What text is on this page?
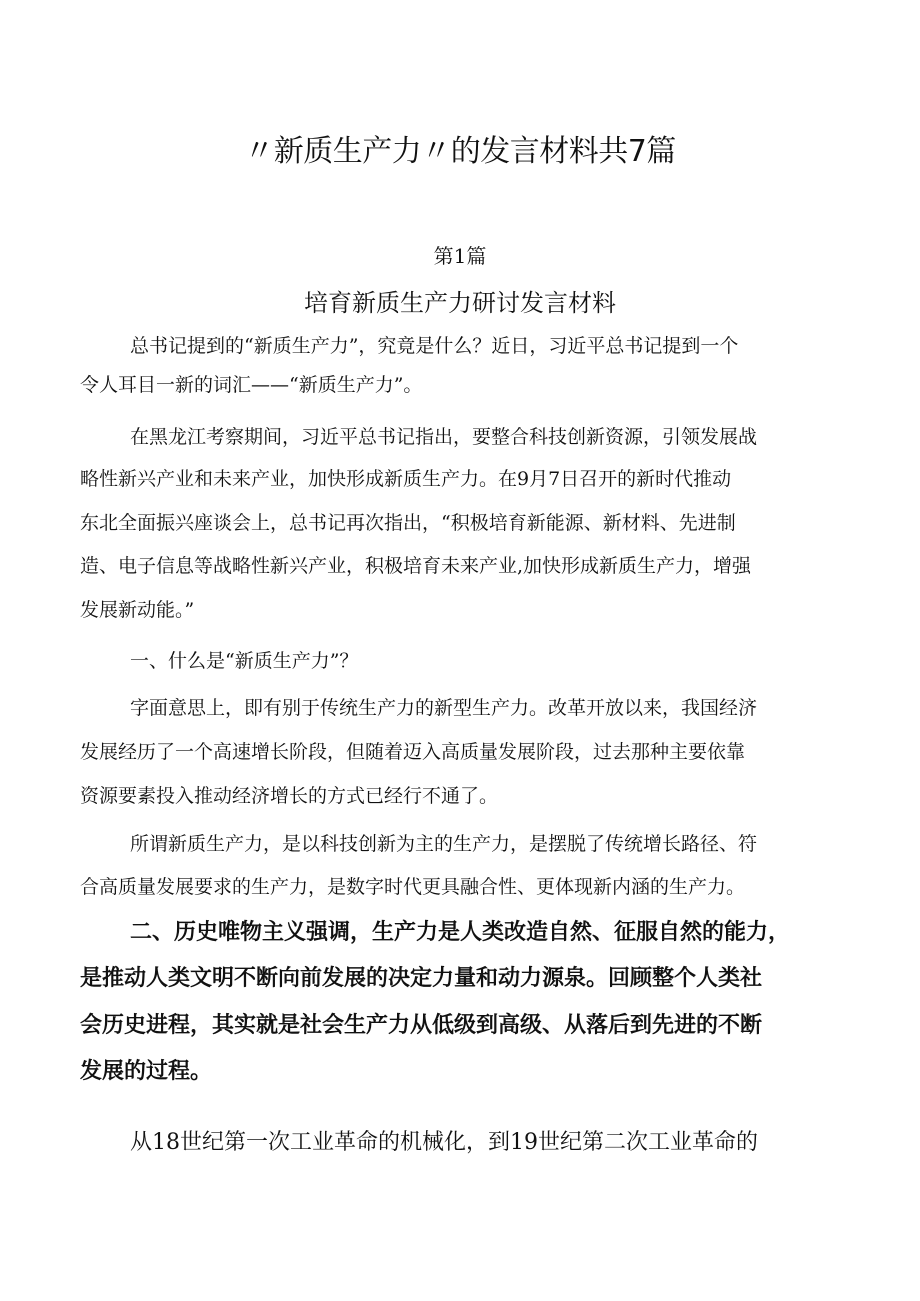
〃新质生产力〃的发言材料共7篇
第1篇
培育新质生产力研讨发言材料
总书记提到的“新质生产力”，究竟是什么？近日，习近平总书记提到一个
令人耳目一新的词汇——“新质生产力”。
在黑龙江考察期间，习近平总书记指出，要整合科技创新资源，引领发展战
略性新兴产业和未来产业，加快形成新质生产力。在9月7日召开的新时代推动
东北全面振兴座谈会上，总书记再次指出，“积极培育新能源、新材料、先进制
造、电子信息等战略性新兴产业，积极培育未来产业,加快形成新质生产力，增强
发展新动能。”
一、什么是“新质生产力”？
字面意思上，即有别于传统生产力的新型生产力。改革开放以来，我国经济
发展经历了一个高速增长阶段，但随着迈入高质量发展阶段，过去那种主要依靠
资源要素投入推动经济增长的方式已经行不通了。
所谓新质生产力，是以科技创新为主的生产力，是摆脱了传统增长路径、符
合高质量发展要求的生产力，是数字时代更具融合性、更体现新内涵的生产力。
二、历史唯物主义强调，生产力是人类改造自然、征服自然的能力，
是推动人类文明不断向前发展的决定力量和动力源泉。回顾整个人类社
会历史进程，其实就是社会生产力从低级到高级、从落后到先进的不断
发展的过程。
从18世纪第一次工业革命的机械化，到19世纪第二次工业革命的
